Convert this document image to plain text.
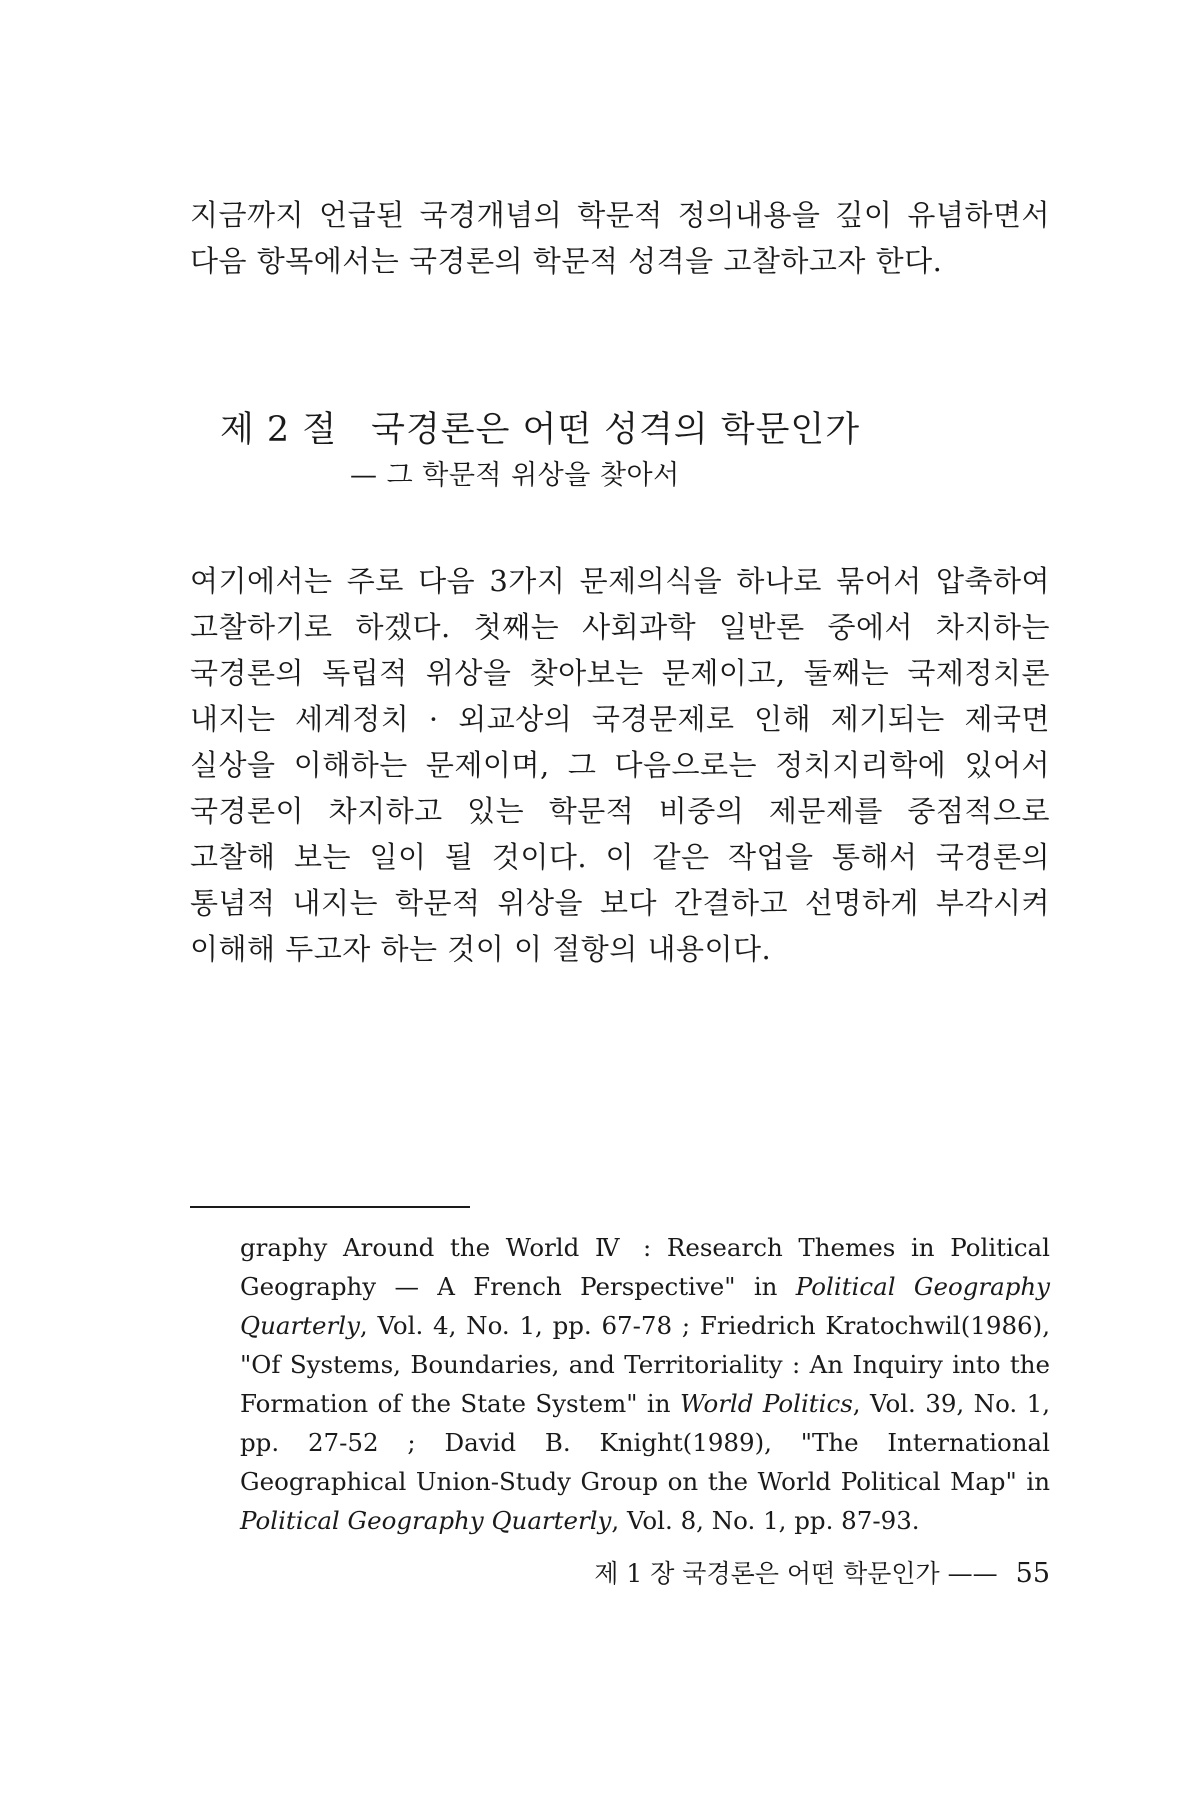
지금까지 언급된 국경개념의 학문적 정의내용을 깊이 유념하면서 다음 항목에서는 국경론의 학문적 성격을 고찰하고자 한다.

제 2 절 국경론은 어떤 성격의 학문인가
— 그 학문적 위상을 찾아서

여기에서는 주로 다음 3가지 문제의식을 하나로 묶어서 압축하여 고찰하기로 하겠다. 첫째는 사회과학 일반론 중에서 차지하는 국경론의 독립적 위상을 찾아보는 문제이고, 둘째는 국제정치론 내지는 세계정치 · 외교상의 국경문제로 인해 제기되는 제국면 실상을 이해하는 문제이며, 그 다음으로는 정치지리학에 있어서 국경론이 차지하고 있는 학문적 비중의 제문제를 중점적으로 고찰해 보는 일이 될 것이다. 이 같은 작업을 통해서 국경론의 통념적 내지는 학문적 위상을 보다 간결하고 선명하게 부각시켜 이해해 두고자 하는 것이 이 절항의 내용이다.

graphy Around the World Ⅳ : Research Themes in Political Geography — A French Perspective" in Political Geography Quarterly, Vol. 4, No. 1, pp. 67-78 ; Friedrich Kratochwil(1986), "Of Systems, Boundaries, and Territoriality : An Inquiry into the Formation of the State System" in World Politics, Vol. 39, No. 1, pp. 27-52 ; David B. Knight(1989), "The International Geographical Union-Study Group on the World Political Map" in Political Geography Quarterly, Vol. 8, No. 1, pp. 87-93.

제 1 장 국경론은 어떤 학문인가 —— 55
